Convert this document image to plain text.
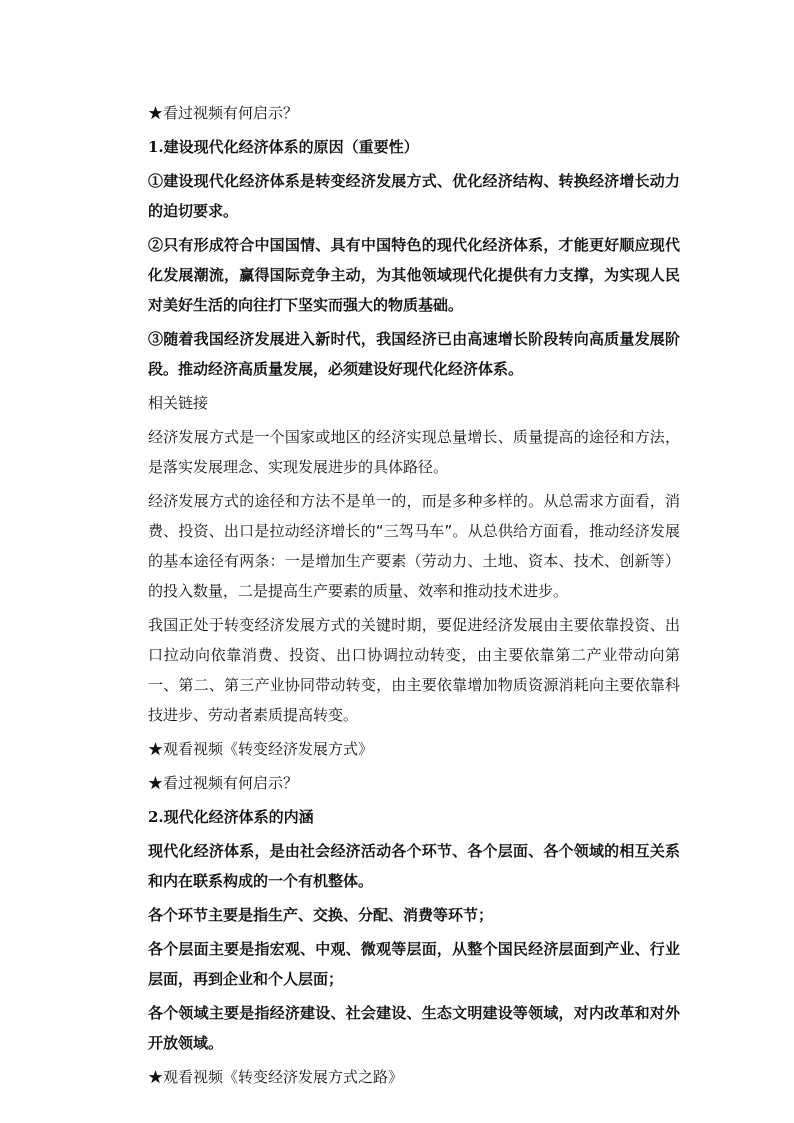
★看过视频有何启示？

1.建设现代化经济体系的原因（重要性）

①建设现代化经济体系是转变经济发展方式、优化经济结构、转换经济增长动力的迫切要求。

②只有形成符合中国国情、具有中国特色的现代化经济体系，才能更好顺应现代化发展潮流，赢得国际竞争主动，为其他领域现代化提供有力支撑，为实现人民对美好生活的向往打下坚实而强大的物质基础。

③随着我国经济发展进入新时代，我国经济已由高速增长阶段转向高质量发展阶段。推动经济高质量发展，必须建设好现代化经济体系。

相关链接

经济发展方式是一个国家或地区的经济实现总量增长、质量提高的途径和方法，是落实发展理念、实现发展进步的具体路径。

经济发展方式的途径和方法不是单一的，而是多种多样的。从总需求方面看，消费、投资、出口是拉动经济增长的“三驾马车”。从总供给方面看，推动经济发展的基本途径有两条：一是增加生产要素（劳动力、土地、资本、技术、创新等）的投入数量，二是提高生产要素的质量、效率和推动技术进步。

我国正处于转变经济发展方式的关键时期，要促进经济发展由主要依靠投资、出口拉动向依靠消费、投资、出口协调拉动转变，由主要依靠第二产业带动向第一、第二、第三产业协同带动转变，由主要依靠增加物质资源消耗向主要依靠科技进步、劳动者素质提高转变。

★观看视频《转变经济发展方式》

★看过视频有何启示？

2.现代化经济体系的内涵

现代化经济体系，是由社会经济活动各个环节、各个层面、各个领域的相互关系和内在联系构成的一个有机整体。

各个环节主要是指生产、交换、分配、消费等环节；

各个层面主要是指宏观、中观、微观等层面，从整个国民经济层面到产业、行业层面，再到企业和个人层面；

各个领域主要是指经济建设、社会建设、生态文明建设等领域，对内改革和对外开放领域。

★观看视频《转变经济发展方式之路》
